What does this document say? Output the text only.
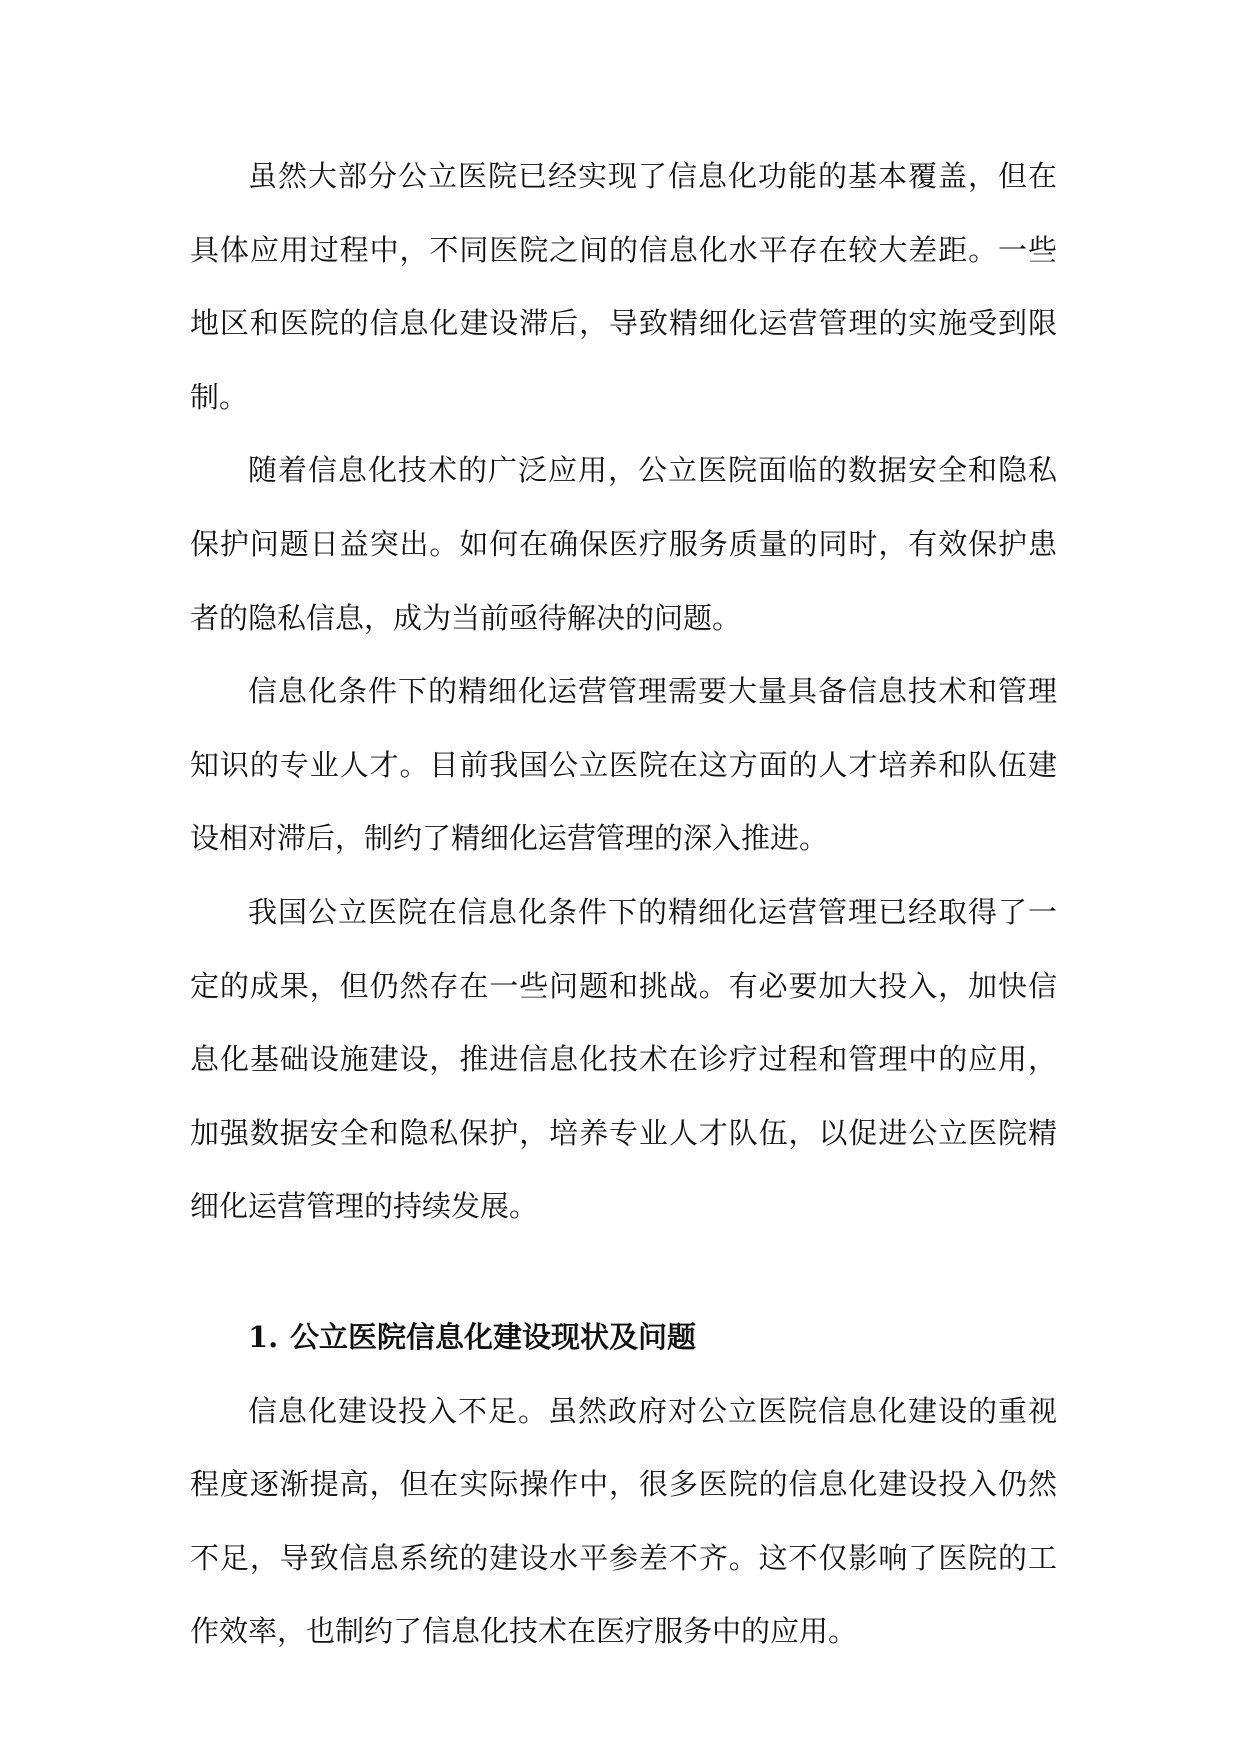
虽然大部分公立医院已经实现了信息化功能的基本覆盖，但在具体应用过程中，不同医院之间的信息化水平存在较大差距。一些地区和医院的信息化建设滞后，导致精细化运营管理的实施受到限制。

随着信息化技术的广泛应用，公立医院面临的数据安全和隐私保护问题日益突出。如何在确保医疗服务质量的同时，有效保护患者的隐私信息，成为当前亟待解决的问题。

信息化条件下的精细化运营管理需要大量具备信息技术和管理知识的专业人才。目前我国公立医院在这方面的人才培养和队伍建设相对滞后，制约了精细化运营管理的深入推进。

我国公立医院在信息化条件下的精细化运营管理已经取得了一定的成果，但仍然存在一些问题和挑战。有必要加大投入，加快信息化基础设施建设，推进信息化技术在诊疗过程和管理中的应用，加强数据安全和隐私保护，培养专业人才队伍，以促进公立医院精细化运营管理的持续发展。

1. 公立医院信息化建设现状及问题

信息化建设投入不足。虽然政府对公立医院信息化建设的重视程度逐渐提高，但在实际操作中，很多医院的信息化建设投入仍然不足，导致信息系统的建设水平参差不齐。这不仅影响了医院的工作效率，也制约了信息化技术在医疗服务中的应用。
